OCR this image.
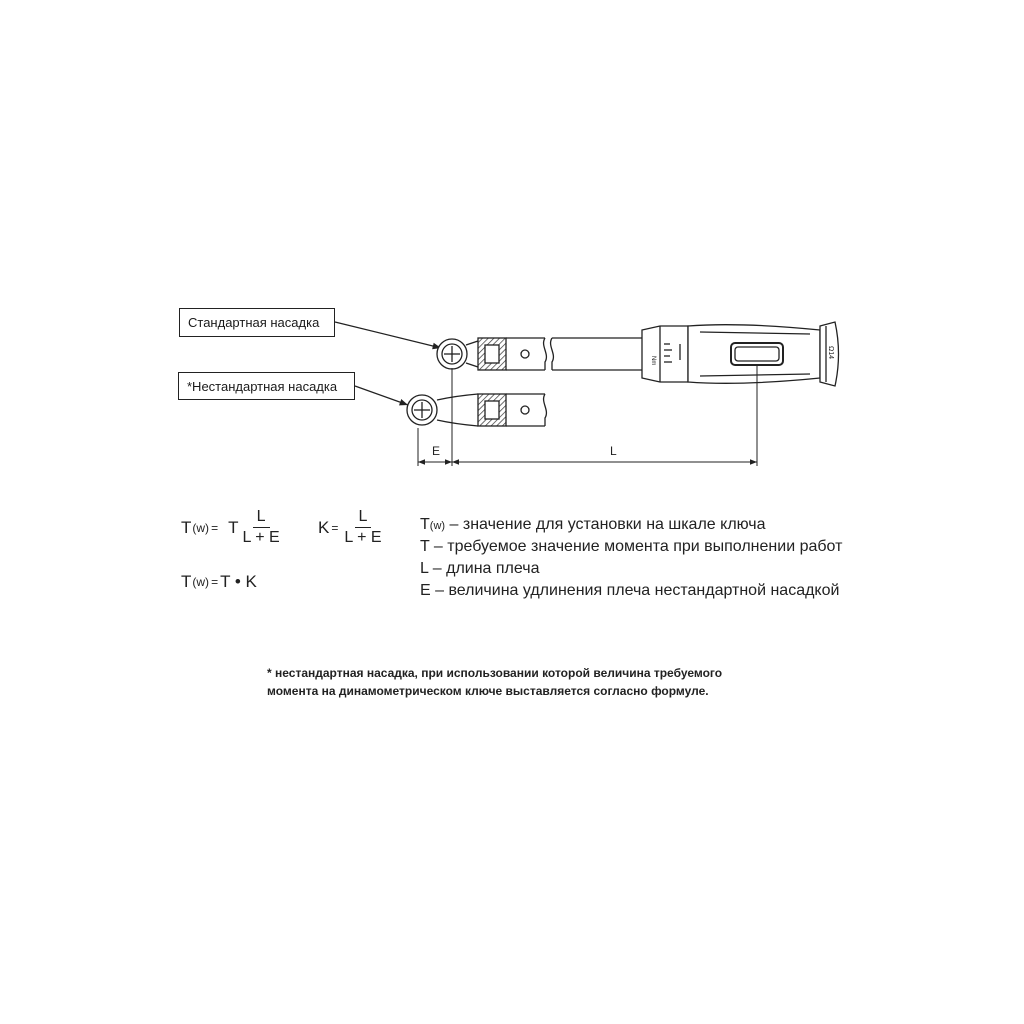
Стандартная насадка
*Нестандартная насадка
Nm
Ω14
E	L
T (w) = T $\frac{L}{L + E}$ $K = \frac{L}{L + E}$
T (w) = T • K
T(w) – значение для установки на шкале ключа
T – требуемое значение момента при выполнении работ
L – длина плеча
E – величина удлинения плеча нестандартной насадкой
* нестандартная насадка, при использовании которой величина требуемого
момента на динамометрическом ключе выставляется согласно формуле.
